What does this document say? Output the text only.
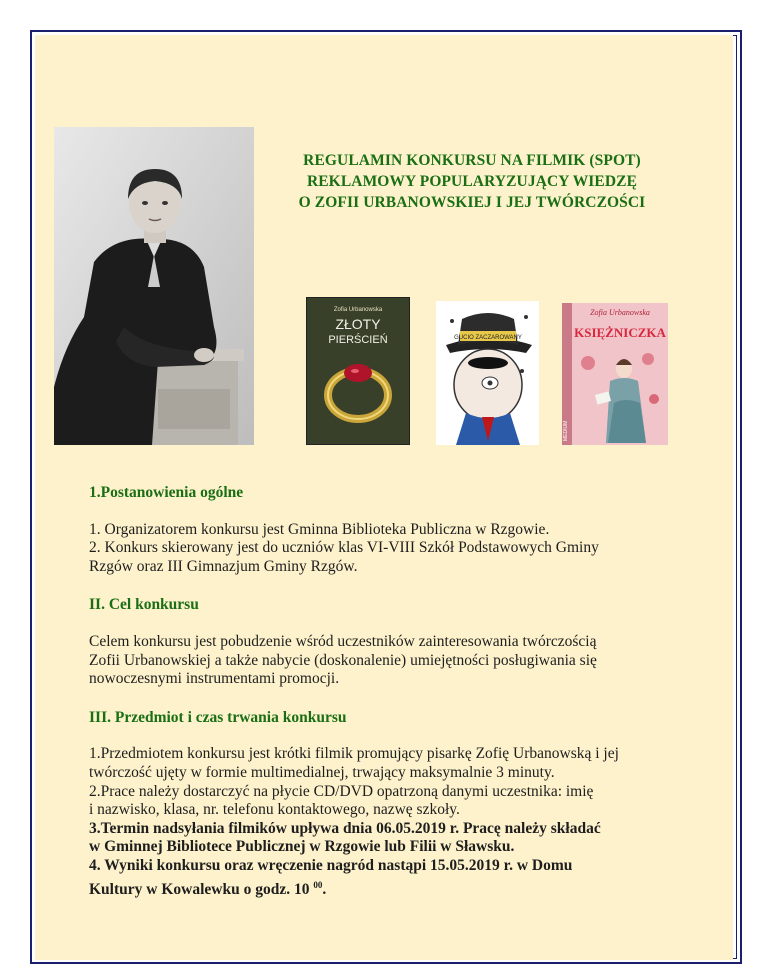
REGULAMIN KONKURSU NA FILMIK (SPOT)
REKLAMOWY POPULARYZUJĄCY WIEDZĘ
O ZOFII URBANOWSKIEJ I JEJ TWÓRCZOŚCI
Zofia Urbanowska
ZŁOTY
PIERŚCIEŃ	GUCIO ZACZAROWANY
Zofia Urbanowska
KSIĘŻNICZKA
MEDIUM
1.Postanowienia ogólne
1. Organizatorem konkursu jest Gminna Biblioteka Publiczna w Rzgowie.
2. Konkurs skierowany jest do uczniów klas VI-VIII Szkół Podstawowych Gminy
Rzgów oraz III Gimnazjum Gminy Rzgów.
II. Cel konkursu
Celem konkursu jest pobudzenie wśród uczestników zainteresowania twórczością
Zofii Urbanowskiej a także nabycie (doskonalenie) umiejętności posługiwania się
nowoczesnymi instrumentami promocji.
III. Przedmiot i czas trwania konkursu
1.Przedmiotem konkursu jest krótki filmik promujący pisarkę Zofię Urbanowską i jej
twórczość ujęty w formie multimedialnej, trwający maksymalnie 3 minuty.
2.Prace należy dostarczyć na płycie CD/DVD opatrzoną danymi uczestnika: imię
i nazwisko, klasa, nr. telefonu kontaktowego, nazwę szkoły.
3.Termin nadsyłania filmików upływa dnia 06.05.2019 r. Pracę należy składać
w Gminnej Bibliotece Publicznej w Rzgowie lub Filii w Sławsku.
4. Wyniki konkursu oraz wręczenie nagród nastąpi 15.05.2019 r. w Domu
Kultury w Kowalewku o godz. 10 $^{00}$.
